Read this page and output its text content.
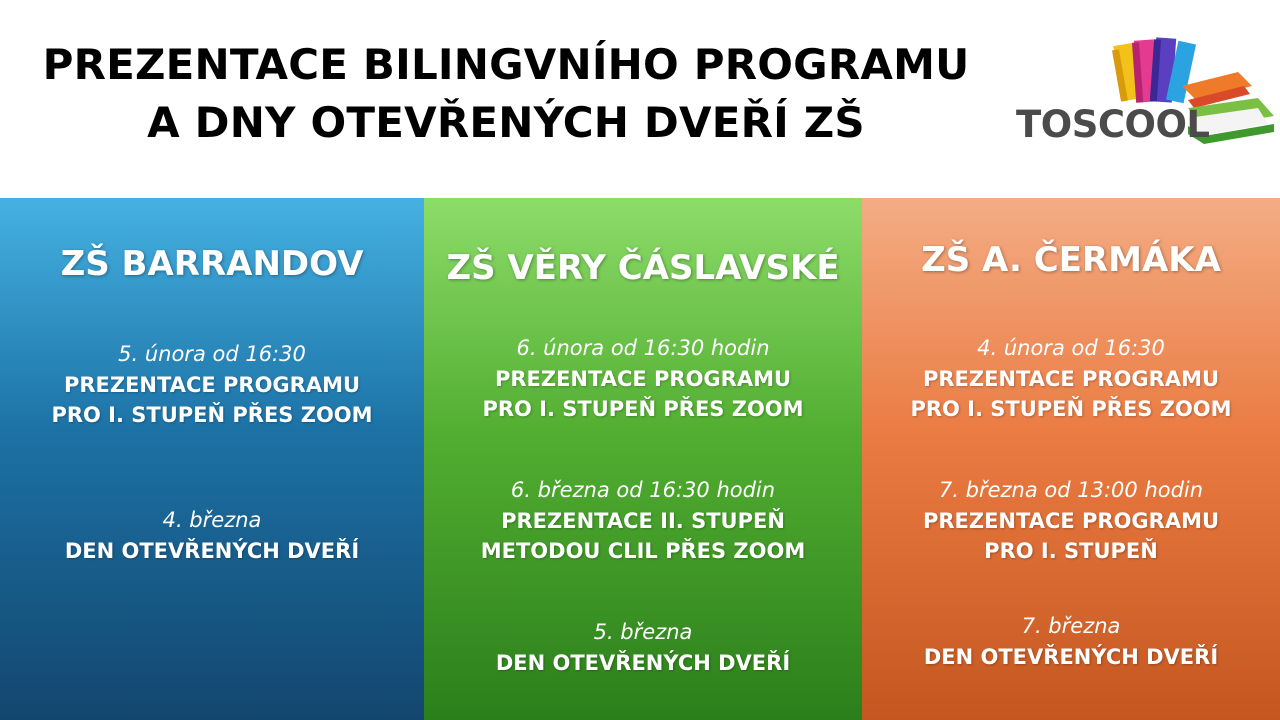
PREZENTACE BILINGVNÍHO PROGRAMU
A DNY OTEVŘENÝCH DVEŘÍ ZŠ	TOSCOOL
ZŠ BARRANDOV
5. února od 16:30
PREZENTACE PROGRAMU
PRO I. STUPEŇ PŘES ZOOM
4. března
DEN OTEVŘENÝCH DVEŘÍ
ZŠ VĚRY ČÁSLAVSKÉ
6. února od 16:30 hodin
PREZENTACE PROGRAMU
PRO I. STUPEŇ PŘES ZOOM
6. března od 16:30 hodin
PREZENTACE II. STUPEŇ
METODOU CLIL PŘES ZOOM
5. března
DEN OTEVŘENÝCH DVEŘÍ
ZŠ A. ČERMÁKA
4. února od 16:30
PREZENTACE PROGRAMU
PRO I. STUPEŇ PŘES ZOOM
7. března od 13:00 hodin
PREZENTACE PROGRAMU
PRO I. STUPEŇ
7. března
DEN OTEVŘENÝCH DVEŘÍ
